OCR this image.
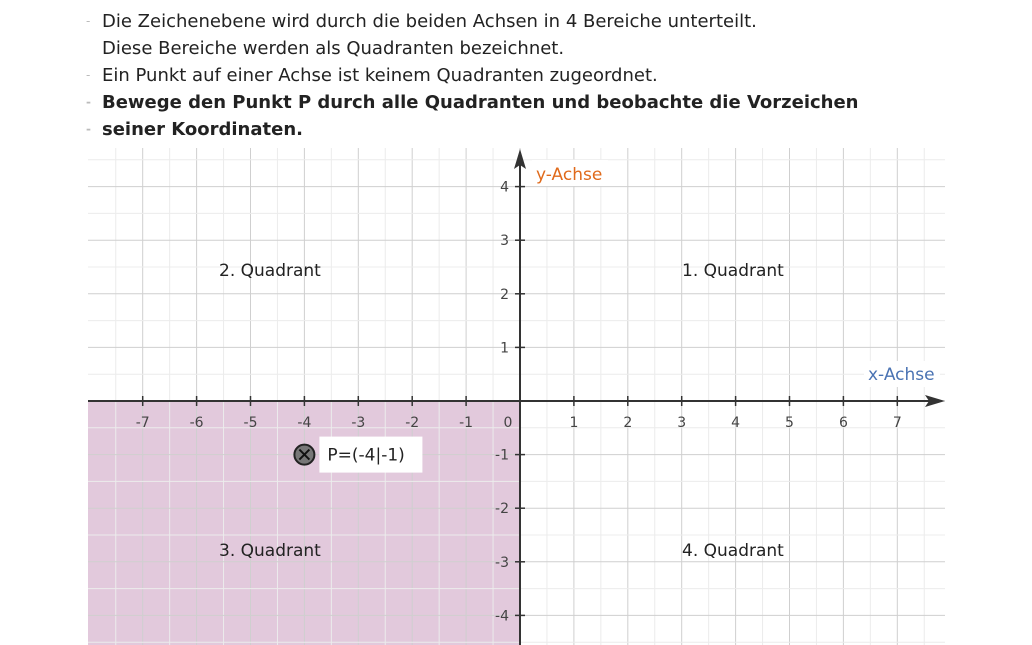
- Die Zeichenebene wird durch die beiden Achsen in 4 Bereiche unterteilt.
Diese Bereiche werden als Quadranten bezeichnet.
- Ein Punkt auf einer Achse ist keinem Quadranten zugeordnet.
- Bewege den Punkt P durch alle Quadranten und beobachte die Vorzeichen
- seiner Koordinaten.
-7	-6	-5	-4	-3	-2	-1 0	1	2	3	4	5	6	7
4
3
2
1
-1
-2
-3
-4
y-Achse
x-Achse
1. Quadrant
2. Quadrant
3. Quadrant	4. Quadrant
P=(-4|-1)
